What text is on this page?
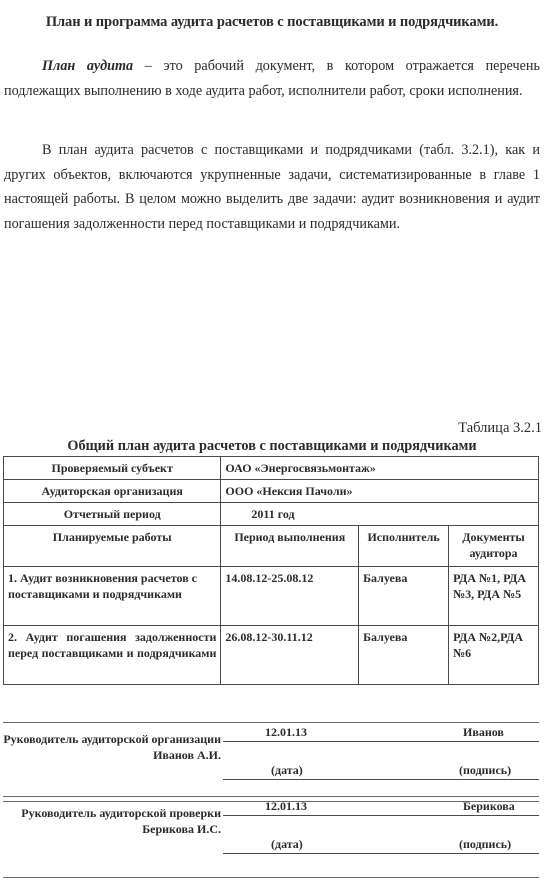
План и программа аудита расчетов с поставщиками и подрядчиками.
План аудита – это рабочий документ, в котором отражается перечень подлежащих выполнению в ходе аудита работ, исполнители работ, сроки исполнения.
В план аудита расчетов с поставщиками и подрядчиками (табл. 3.2.1), как и других объектов, включаются укрупненные задачи, систематизированные в главе 1 настоящей работы. В целом можно выделить две задачи: аудит возникновения и аудит погашения задолженности перед поставщиками и подрядчиками.
Таблица 3.2.1
Общий план аудита расчетов с поставщиками и подрядчиками
Проверяемый субъект	ОАО «Энергосвязьмонтаж»		
Аудиторская организация	ООО «Нексия Пачоли»		
Отчетный период	2011 год		
Планируемые работы	Период выполнения	Исполнитель	Документы аудитора
1. Аудит возникновения расчетов с поставщиками и подрядчиками	14.08.12-25.08.12	Балуева	РДА №1, РДА №3, РДА №5
2. Аудит погашения задолженности перед поставщиками и подрядчиками	26.08.12-30.11.12	Балуева	РДА №2,РДА №6
Руководитель аудиторской организации Иванов А.И.
12.01.13	Иванов
(дата)	(подпись)
Руководитель аудиторской проверки Берикова И.С.
12.01.13	Берикова
(дата)	(подпись)
